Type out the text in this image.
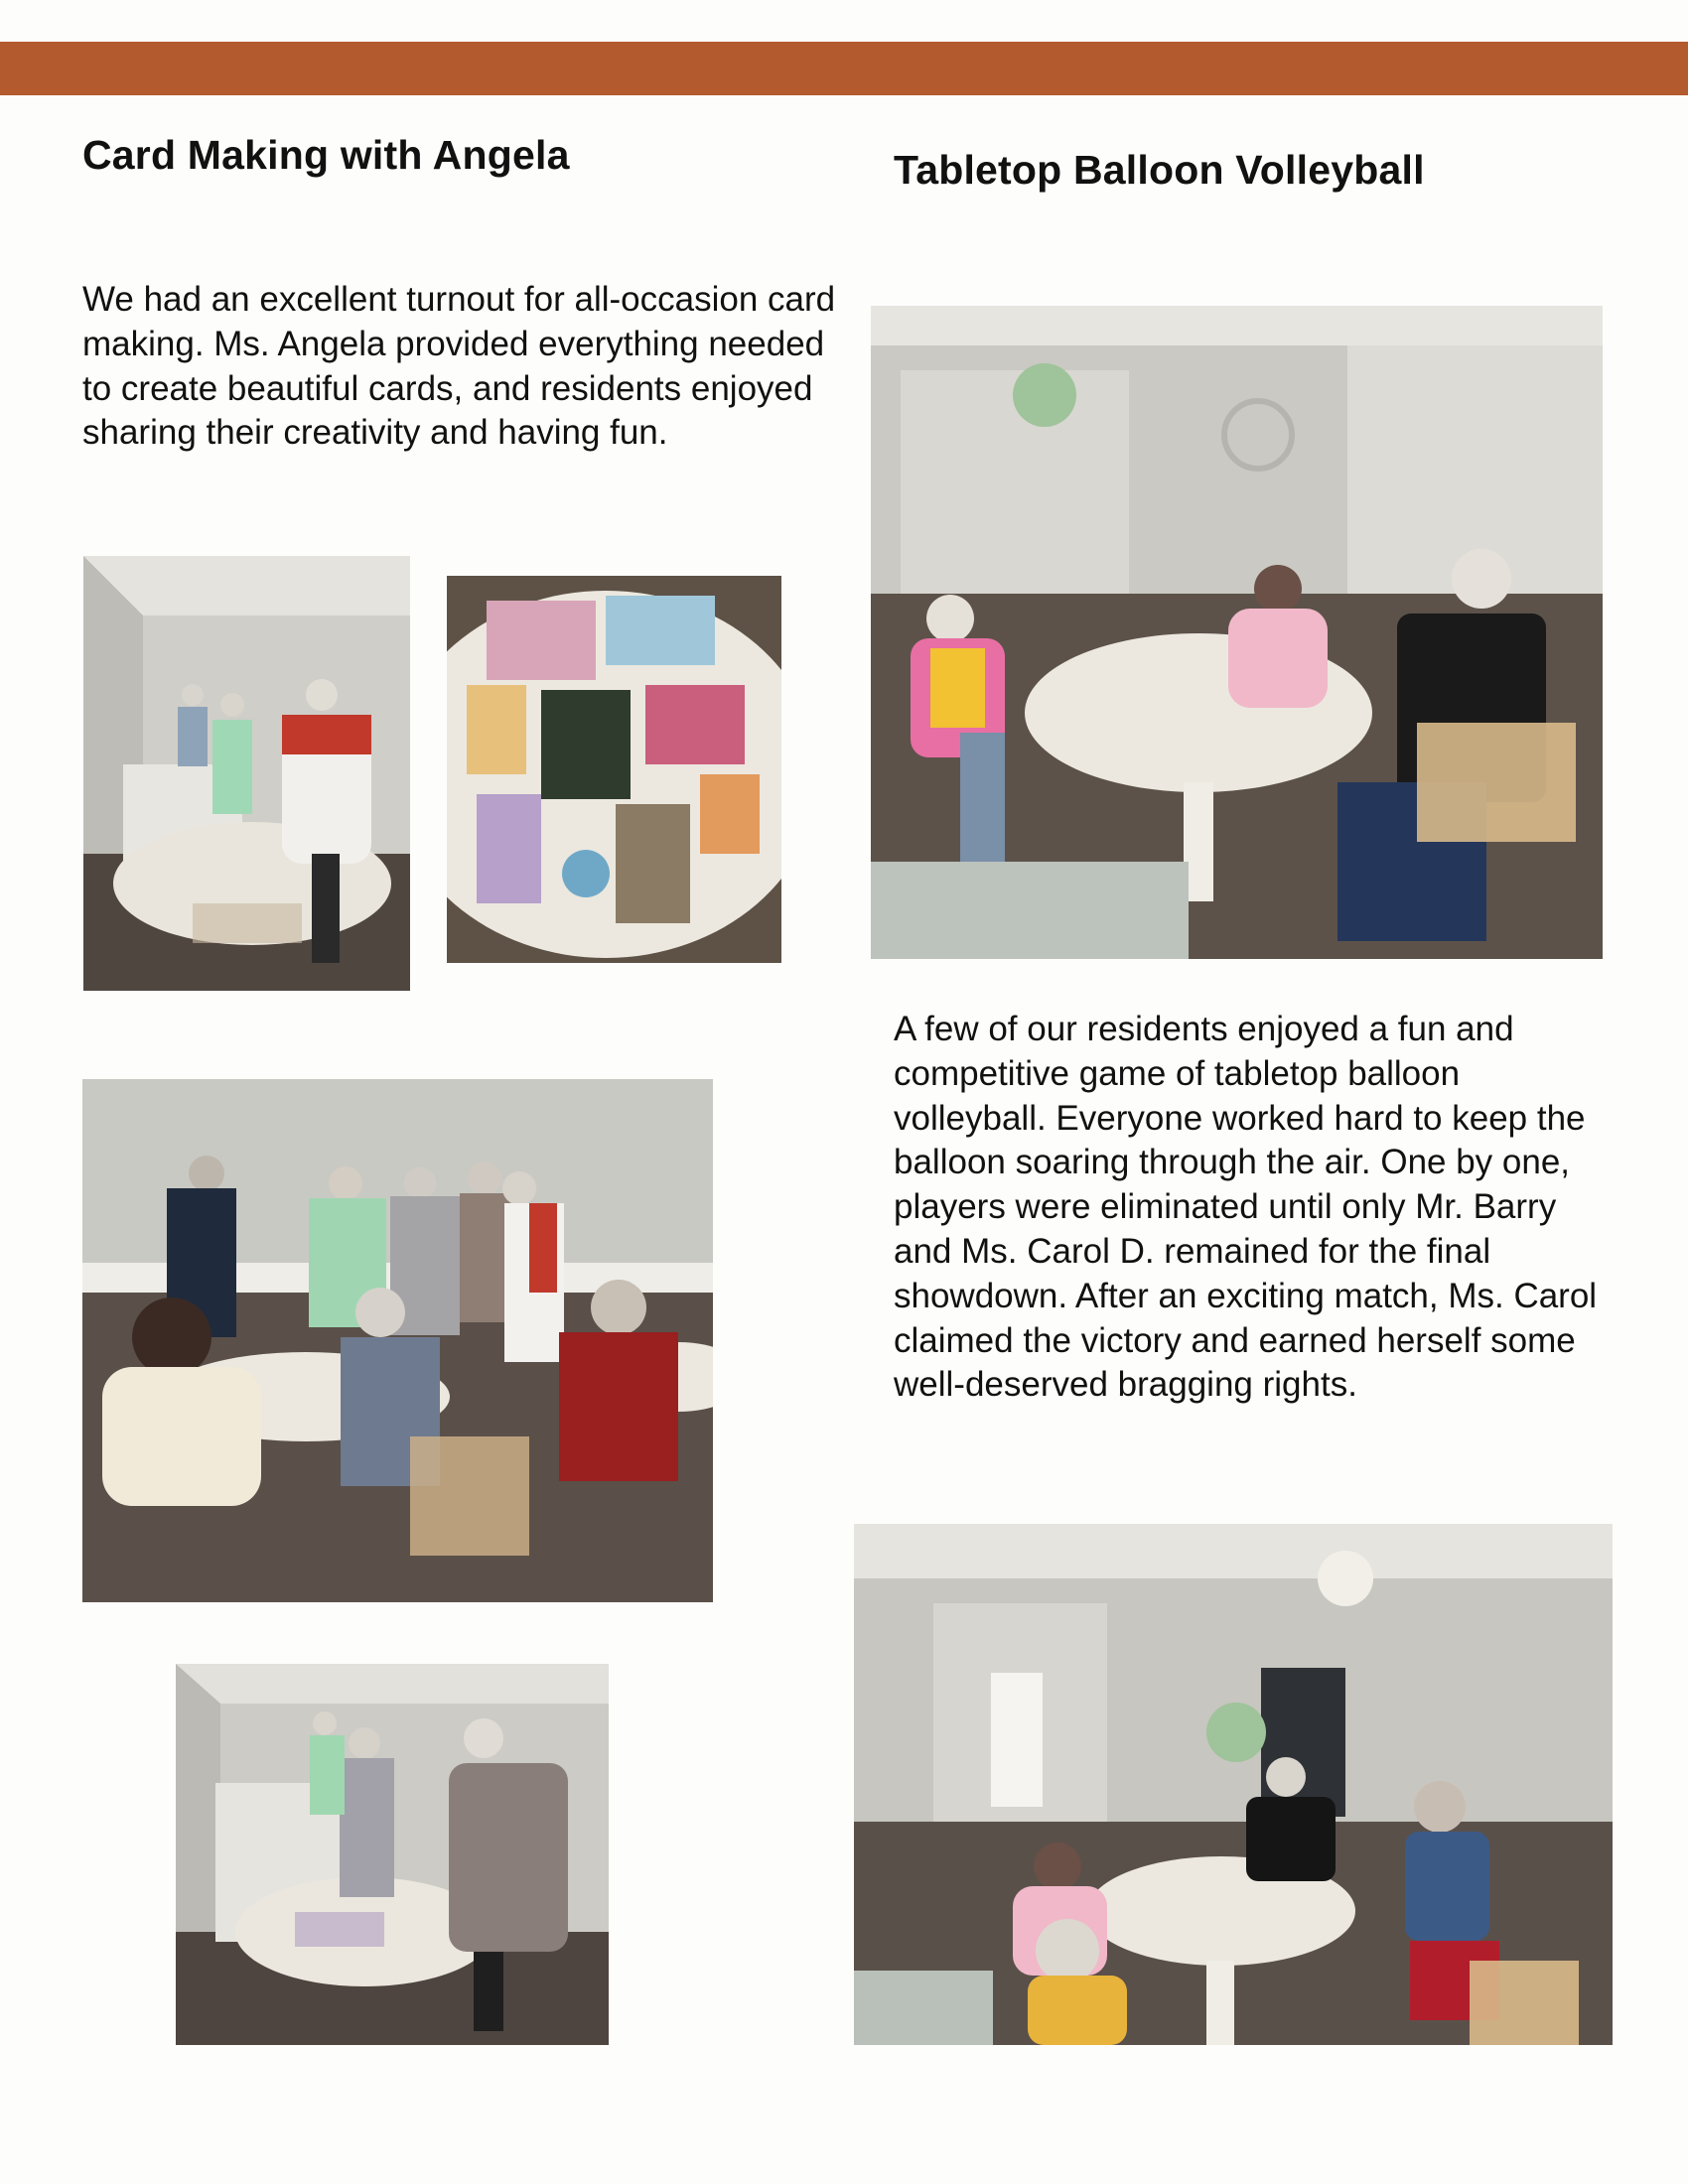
Card Making with Angela

We had an excellent turnout for all-occasion card making. Ms. Angela provided everything needed to create beautiful cards, and residents enjoyed sharing their creativity and having fun.

Tabletop Balloon Volleyball

A few of our residents enjoyed a fun and competitive game of tabletop balloon volleyball. Everyone worked hard to keep the balloon soaring through the air. One by one, players were eliminated until only Mr. Barry and Ms. Carol D. remained for the final showdown. After an exciting match, Ms. Carol claimed the victory and earned herself some well-deserved bragging rights.
